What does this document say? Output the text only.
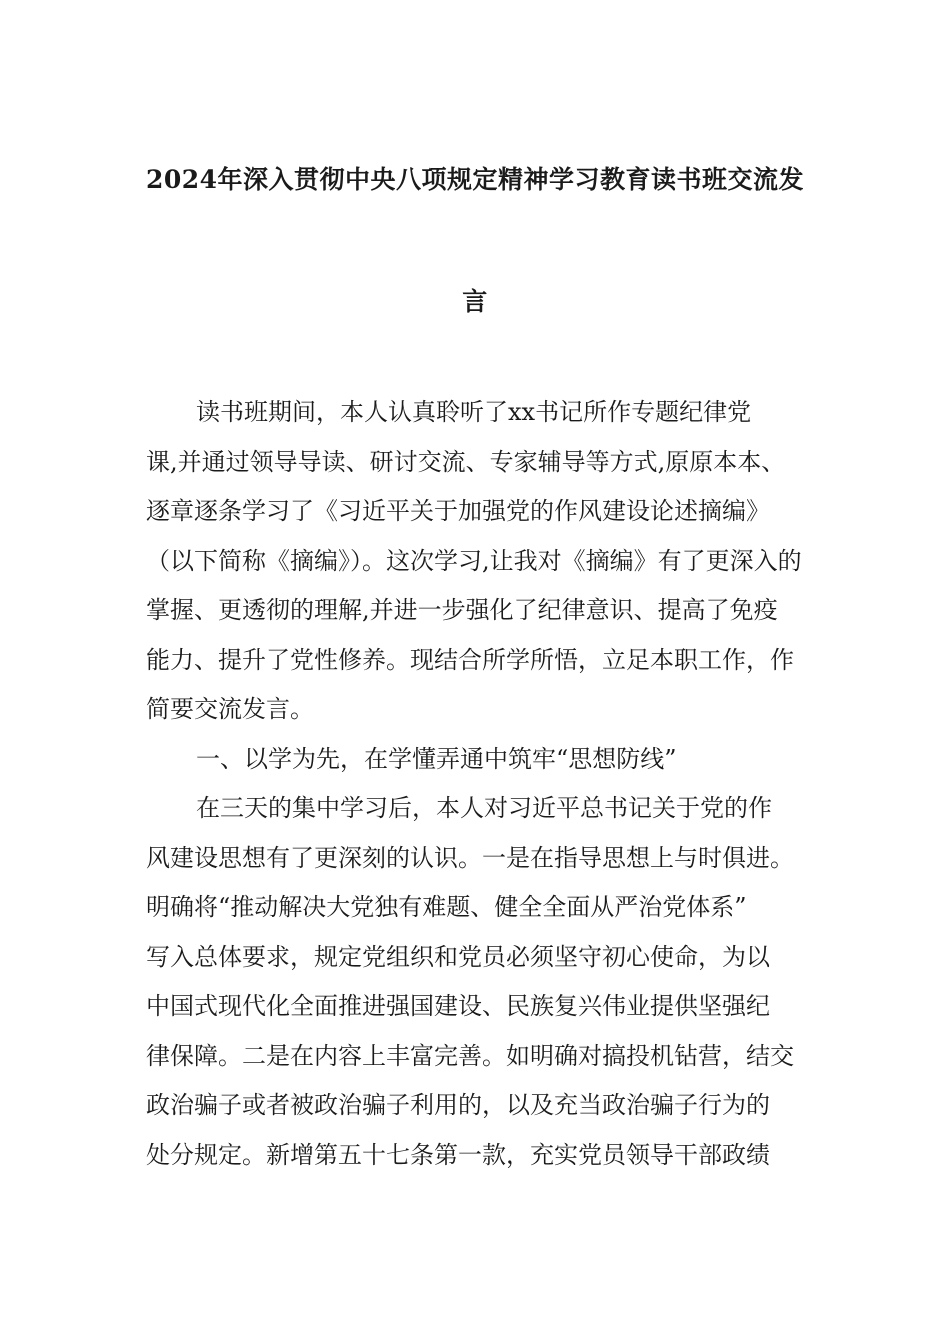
2024年深入贯彻中央八项规定精神学习教育读书班交流发
言

读书班期间，本人认真聆听了xx书记所作专题纪律党

课,并通过领导导读、研讨交流、专家辅导等方式,原原本本、

逐章逐条学习了《习近平关于加强党的作风建设论述摘编》

（以下简称《摘编》）。这次学习,让我对《摘编》有了更深入的

掌握、更透彻的理解,并进一步强化了纪律意识、提高了免疫

能力、提升了党性修养。现结合所学所悟，立足本职工作，作

简要交流发言。

一、以学为先，在学懂弄通中筑牢“思想防线”

在三天的集中学习后，本人对习近平总书记关于党的作

风建设思想有了更深刻的认识。一是在指导思想上与时俱进。

明确将“推动解决大党独有难题、健全全面从严治党体系”

写入总体要求，规定党组织和党员必须坚守初心使命，为以

中国式现代化全面推进强国建设、民族复兴伟业提供坚强纪

律保障。二是在内容上丰富完善。如明确对搞投机钻营，结交

政治骗子或者被政治骗子利用的，以及充当政治骗子行为的

处分规定。新增第五十七条第一款，充实党员领导干部政绩
